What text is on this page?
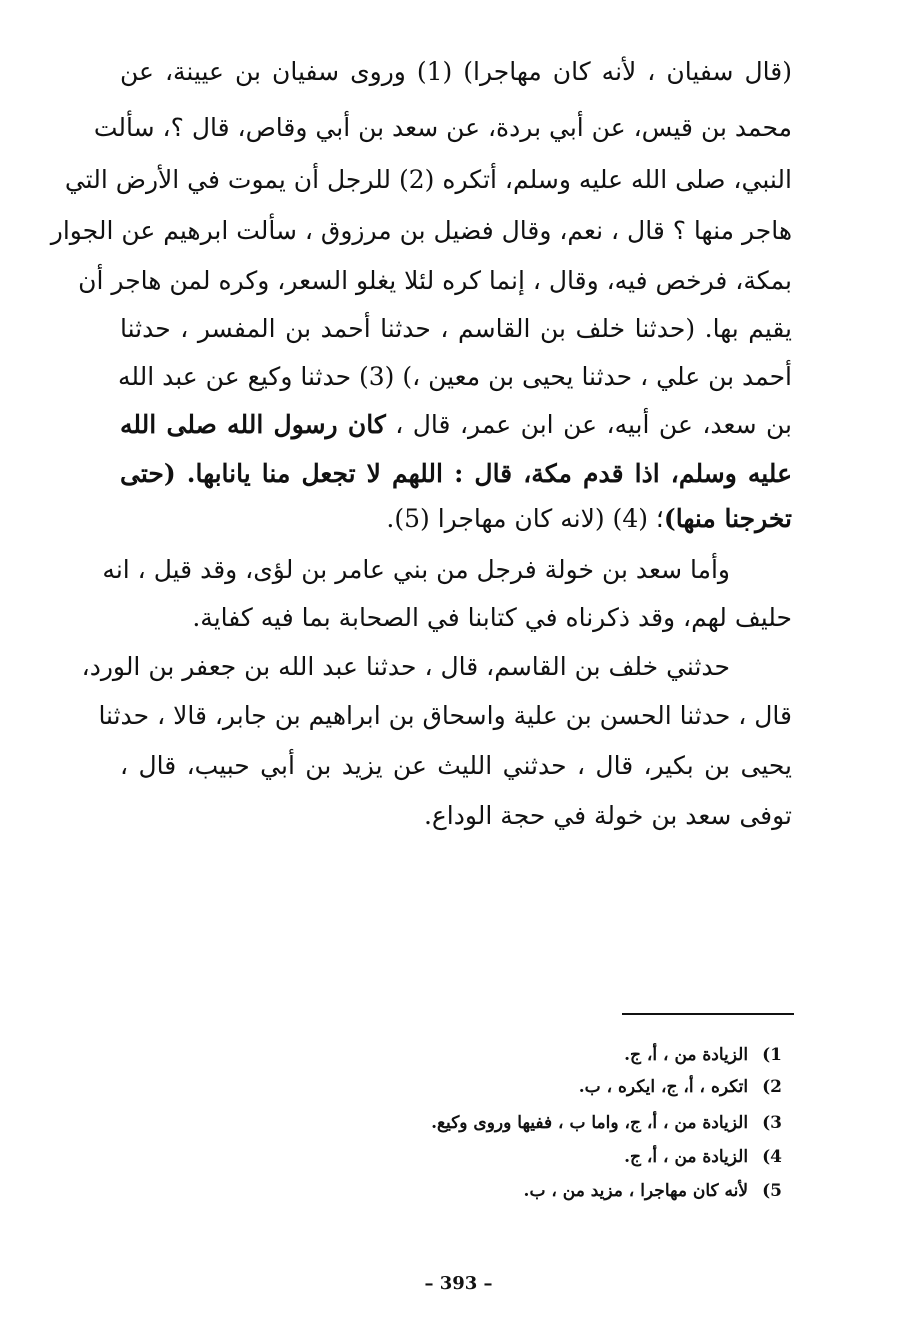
(قال سفيان ، لأنه كان مهاجرا) (1) وروى سفيان بن عيينة، عن
محمد بن قيس، عن أبي بردة، عن سعد بن أبي وقاص، قال ؟، سألت
النبي، صلى الله عليه وسلم، أتكره (2) للرجل أن يموت في الأرض التي
هاجر منها ؟ قال ، نعم، وقال فضيل بن مرزوق ، سألت ابرهيم عن الجوار
بمكة، فرخص فيه، وقال ، إنما كره لئلا يغلو السعر، وكره لمن هاجر أن
يقيم بها. (حدثنا خلف بن القاسم ، حدثنا أحمد بن المفسر ، حدثنا
أحمد بن علي ، حدثنا يحيى بن معين ،) (3) حدثنا وكيع عن عبد الله
بن سعد، عن أبيه، عن ابن عمر، قال ، كان رسول الله صلى الله
عليه وسلم، اذا قدم مكة، قال : اللهم لا تجعل منا يانابها. (حتى
تخرجنا منها)؛ (4) (لانه كان مهاجرا (5).
وأما سعد بن خولة فرجل من بني عامر بن لؤى، وقد قيل ، انه
حليف لهم، وقد ذكرناه في كتابنا في الصحابة بما فيه كفاية.
حدثني خلف بن القاسم، قال ، حدثنا عبد الله بن جعفر بن الورد،
قال ، حدثنا الحسن بن علية واسحاق بن ابراهيم بن جابر، قالا ، حدثنا
يحيى بن بكير، قال ، حدثني الليث عن يزيد بن أبي حبيب، قال ،
توفى سعد بن خولة في حجة الوداع.
1) الزيادة من ، أ، ج.
2) اتكره ، أ، ج، ايكره ، ب.
3) الزيادة من ، أ، ج، واما ب ، ففيها وروى وكيع.
4) الزيادة من ، أ، ج.
5) لأنه كان مهاجرا ، مزيد من ، ب.
– 393 –
